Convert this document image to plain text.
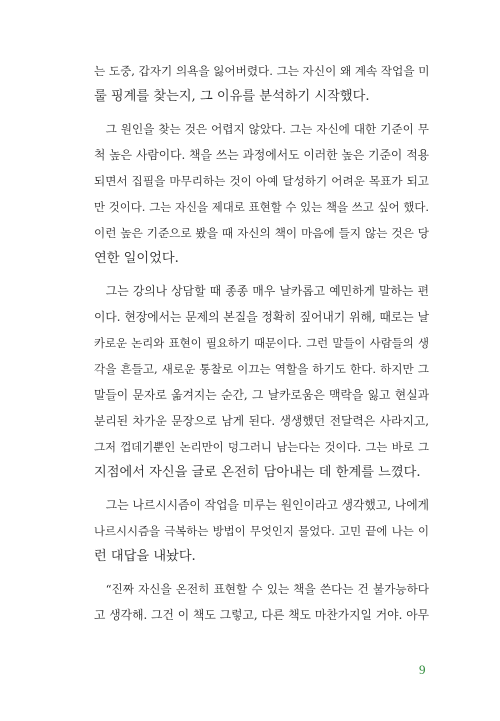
는 도중, 갑자기 의욕을 잃어버렸다. 그는 자신이 왜 계속 작업을 미
룰 핑계를 찾는지, 그 이유를 분석하기 시작했다.
그 원인을 찾는 것은 어렵지 않았다. 그는 자신에 대한 기준이 무
척 높은 사람이다. 책을 쓰는 과정에서도 이러한 높은 기준이 적용
되면서 집필을 마무리하는 것이 아예 달성하기 어려운 목표가 되고
만 것이다. 그는 자신을 제대로 표현할 수 있는 책을 쓰고 싶어 했다.
이런 높은 기준으로 봤을 때 자신의 책이 마음에 들지 않는 것은 당
연한 일이었다.
그는 강의나 상담할 때 종종 매우 날카롭고 예민하게 말하는 편
이다. 현장에서는 문제의 본질을 정확히 짚어내기 위해, 때로는 날
카로운 논리와 표현이 필요하기 때문이다. 그런 말들이 사람들의 생
각을 흔들고, 새로운 통찰로 이끄는 역할을 하기도 한다. 하지만 그
말들이 문자로 옮겨지는 순간, 그 날카로움은 맥락을 잃고 현실과
분리된 차가운 문장으로 남게 된다. 생생했던 전달력은 사라지고,
그저 껍데기뿐인 논리만이 덩그러니 남는다는 것이다. 그는 바로 그
지점에서 자신을 글로 온전히 담아내는 데 한계를 느꼈다.
그는 나르시시즘이 작업을 미루는 원인이라고 생각했고, 나에게
나르시시즘을 극복하는 방법이 무엇인지 물었다. 고민 끝에 나는 이
런 대답을 내놨다.
“진짜 자신을 온전히 표현할 수 있는 책을 쓴다는 건 불가능하다
고 생각해. 그건 이 책도 그렇고, 다른 책도 마찬가지일 거야. 아무
9
